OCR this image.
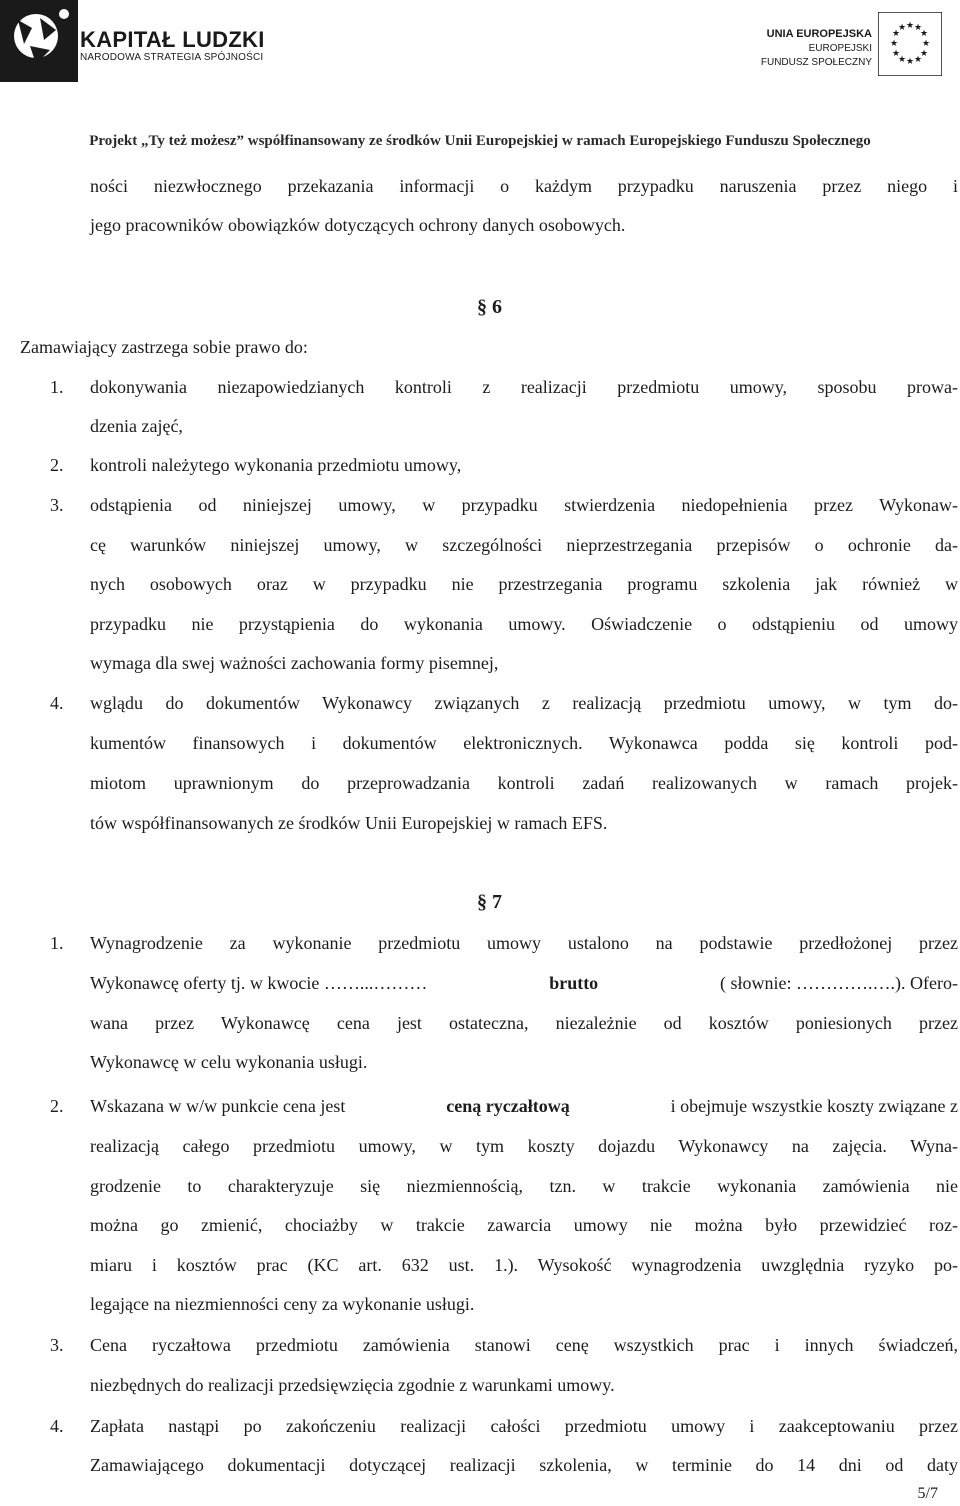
KAPITAŁ LUDZKI
NARODOWA STRATEGIA SPÓJNOŚCI
UNIA EUROPEJSKA
EUROPEJSKI
FUNDUSZ SPOŁECZNY
★ ★
★
★
★
★
★
★
★
★
★
★
Projekt „Ty też możesz” współfinansowany ze środków Unii Europejskiej w ramach Europejskiego Funduszu Społecznego
ności niezwłocznego przekazania informacji o każdym przypadku naruszenia przez niego i
jego pracowników obowiązków dotyczących ochrony danych osobowych.
§ 6
Zamawiający zastrzega sobie prawo do:
1. dokonywania niezapowiedzianych kontroli z realizacji przedmiotu umowy, sposobu prowa-
dzenia zajęć,
2. kontroli należytego wykonania przedmiotu umowy,
3. odstąpienia od niniejszej umowy, w przypadku stwierdzenia niedopełnienia przez Wykonaw-
cę warunków niniejszej umowy, w szczególności nieprzestrzegania przepisów o ochronie da-
nych osobowych oraz w przypadku nie przestrzegania programu szkolenia jak również w
przypadku nie przystąpienia do wykonania umowy. Oświadczenie o odstąpieniu od umowy
wymaga dla swej ważności zachowania formy pisemnej,
4. wglądu do dokumentów Wykonawcy związanych z realizacją przedmiotu umowy, w tym do-
kumentów finansowych i dokumentów elektronicznych. Wykonawca podda się kontroli pod-
miotom uprawnionym do przeprowadzania kontroli zadań realizowanych w ramach projek-
tów współfinansowanych ze środków Unii Europejskiej w ramach EFS.
§ 7
1. Wynagrodzenie za wykonanie przedmiotu umowy ustalono na podstawie przedłożonej przez
Wykonawcę oferty tj. w kwocie ……...………	brutto	( słownie: ………….….). Ofero-
wana przez Wykonawcę cena jest ostateczna, niezależnie od kosztów poniesionych przez
Wykonawcę w celu wykonania usługi.
2. Wskazana w w/w punkcie cena jest	ceną ryczałtową	i obejmuje wszystkie koszty związane z
realizacją całego przedmiotu umowy, w tym koszty dojazdu Wykonawcy na zajęcia. Wyna-
grodzenie to charakteryzuje się niezmiennością, tzn. w trakcie wykonania zamówienia nie
można go zmienić, chociażby w trakcie zawarcia umowy nie można było przewidzieć roz-
miaru i kosztów prac (KC art. 632 ust. 1.). Wysokość wynagrodzenia uwzględnia ryzyko po-
legające na niezmienności ceny za wykonanie usługi.
3. Cena ryczałtowa przedmiotu zamówienia stanowi cenę wszystkich prac i innych świadczeń,
niezbędnych do realizacji przedsięwzięcia zgodnie z warunkami umowy.
4. Zapłata nastąpi po zakończeniu realizacji całości przedmiotu umowy i zaakceptowaniu przez
Zamawiającego dokumentacji dotyczącej realizacji szkolenia, w terminie do 14 dni od daty
5/7
